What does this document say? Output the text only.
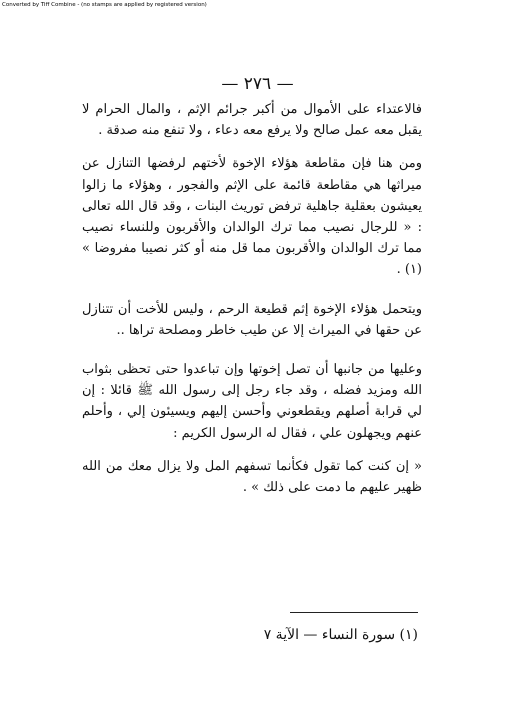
Converted by Tiff Combine - (no stamps are applied by registered version)
— ٢٧٦ —

فالاعتداء على الأموال من أكبر جرائم الإثم ، والمال الحرام لا يقبل معه عمل صالح ولا يرفع معه دعاء ، ولا تنفع منه صدقة .

ومن هنا فإن مقاطعة هؤلاء الإخوة لأختهم لرفضها التنازل عن ميراثها هي مقاطعة قائمة على الإثم والفجور ، وهؤلاء ما زالوا يعيشون بعقلية جاهلية ترفض توريث البنات ، وقد قال الله تعالى : « للرجال نصيب مما ترك الوالدان والأقربون وللنساء نصيب مما ترك الوالدان والأقربون مما قل منه أو كثر نصيبا مفروضا » (١) .

ويتحمل هؤلاء الإخوة إثم قطيعة الرحم ، وليس للأخت أن تتنازل عن حقها في الميراث إلا عن طيب خاطر ومصلحة تراها ..

وعليها من جانبها أن تصل إخوتها وإن تباعدوا حتى تحظى بثواب الله ومزيد فضله ، وقد جاء رجل إلى رسول الله ﷺ قائلا : إن لي قرابة أصلهم ويقطعوني وأحسن إليهم ويسيئون إلي ، وأحلم عنهم ويجهلون علي ، فقال له الرسول الكريم :

« إن كنت كما تقول فكأنما تسفهم المل ولا يزال معك من الله ظهير عليهم ما دمت على ذلك » .

(١) سورة النساء — الآية ٧
